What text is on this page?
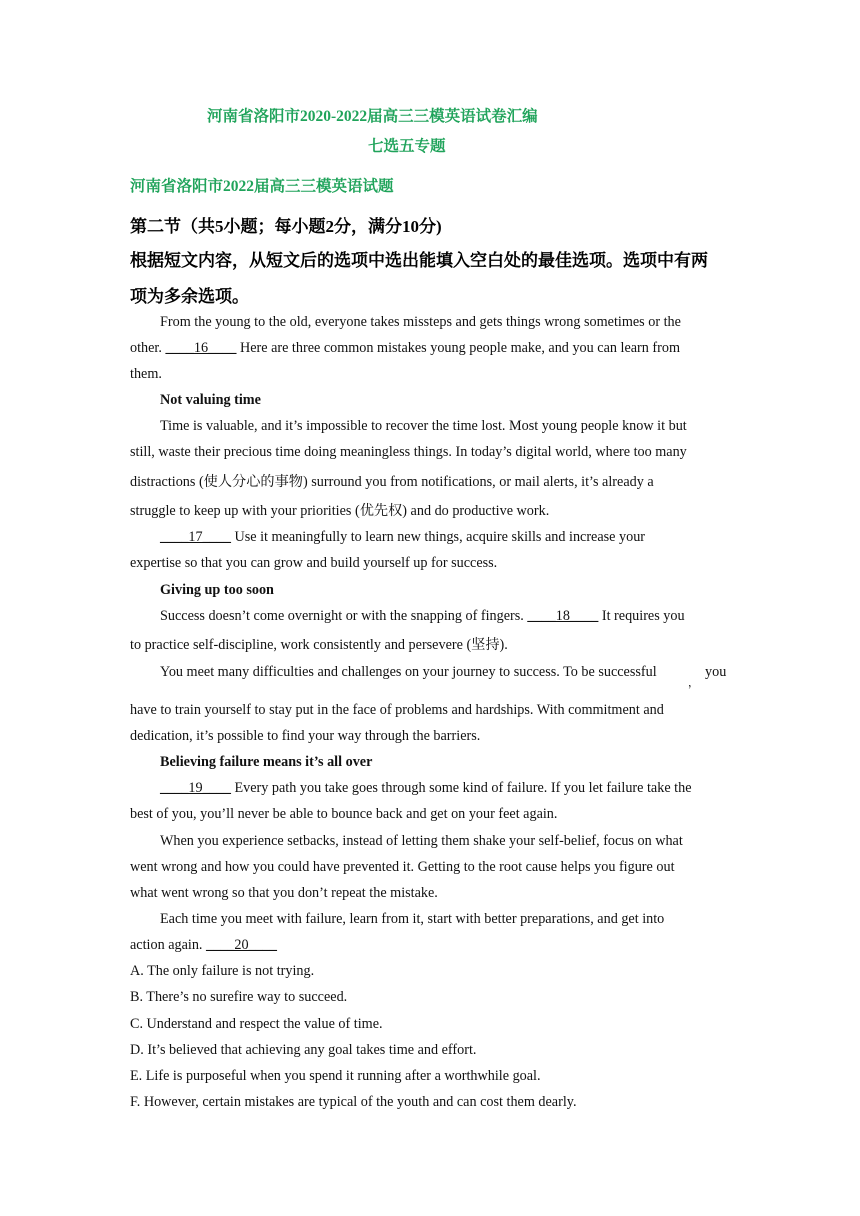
河南省洛阳市2020-2022届高三三模英语试卷汇编
七选五专题
河南省洛阳市2022届高三三模英语试题
第二节（共5小题；每小题2分，满分10分)
根据短文内容，从短文后的选项中选出能填入空白处的最佳选项。选项中有两
项为多余选项。
From the young to the old, everyone takes missteps and gets things wrong sometimes or the
other. ____16____ Here are three common mistakes young people make, and you can learn from
them.
Not valuing time
Time is valuable, and it’s impossible to recover the time lost. Most young people know it but
still, waste their precious time doing meaningless things. In today’s digital world, where too many
distractions (使人分心的事物) surround you from notifications, or mail alerts, it’s already a
struggle to keep up with your priorities (优先权) and do productive work.
____17____ Use it meaningfully to learn new things, acquire skills and increase your
expertise so that you can grow and build yourself up for success.
Giving up too soon
Success doesn’t come overnight or with the snapping of fingers. ____18____ It requires you
to practice self-discipline, work consistently and persevere (坚持).
You meet many difficulties and challenges on your journey to success. To be successful
，
you
have to train yourself to stay put in the face of problems and hardships. With commitment and
dedication, it’s possible to find your way through the barriers.
Believing failure means it’s all over
____19____ Every path you take goes through some kind of failure. If you let failure take the
best of you, you’ll never be able to bounce back and get on your feet again.
When you experience setbacks, instead of letting them shake your self-belief, focus on what
went wrong and how you could have prevented it. Getting to the root cause helps you figure out
what went wrong so that you don’t repeat the mistake.
Each time you meet with failure, learn from it, start with better preparations, and get into
action again. ____20____
A. The only failure is not trying.
B. There’s no surefire way to succeed.
C. Understand and respect the value of time.
D. It’s believed that achieving any goal takes time and effort.
E. Life is purposeful when you spend it running after a worthwhile goal.
F. However, certain mistakes are typical of the youth and can cost them dearly.
